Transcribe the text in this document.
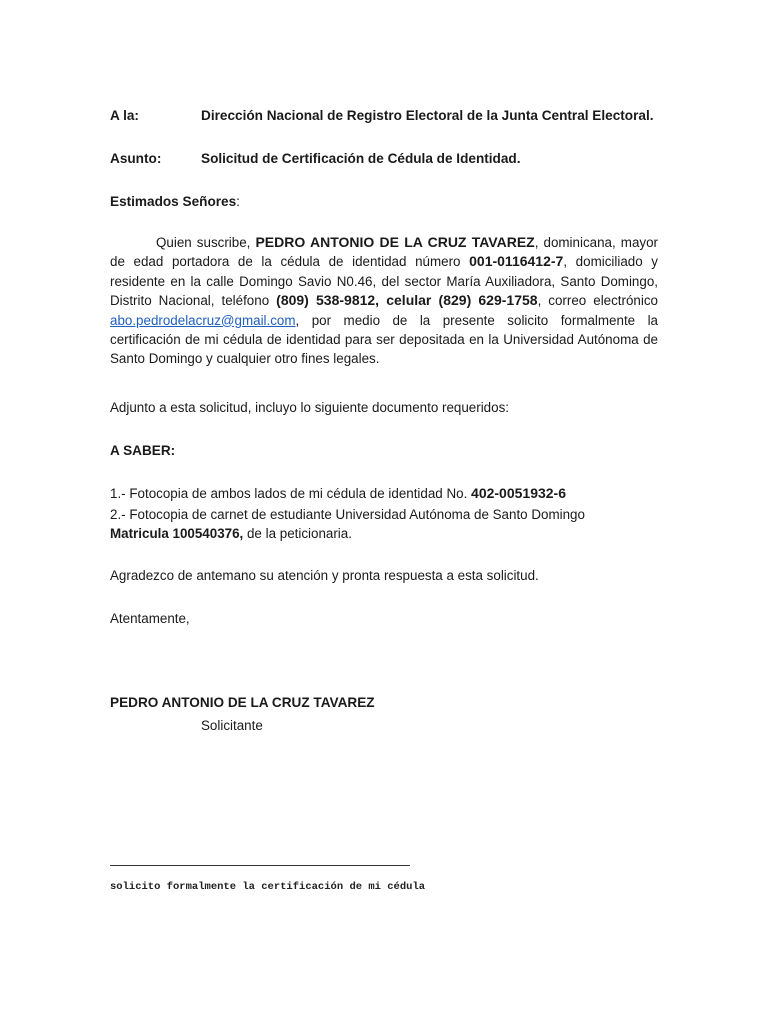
A la:	Dirección Nacional de Registro Electoral de la Junta Central Electoral.
Asunto:	Solicitud de Certificación de Cédula de Identidad.
Estimados Señores:
Quien suscribe, PEDRO ANTONIO DE LA CRUZ TAVAREZ, dominicana, mayor de edad portadora de la cédula de identidad número 001-0116412-7, domiciliado y residente en la calle Domingo Savio N0.46, del sector María Auxiliadora, Santo Domingo, Distrito Nacional, teléfono (809) 538-9812, celular (829) 629-1758, correo electrónico abo.pedrodelacruz@gmail.com, por medio de la presente solicito formalmente la certificación de mi cédula de identidad para ser depositada en la Universidad Autónoma de Santo Domingo y cualquier otro fines legales.
Adjunto a esta solicitud, incluyo lo siguiente documento requeridos:
A SABER:
1.- Fotocopia de ambos lados de mi cédula de identidad No. 402-0051932-6
2.- Fotocopia de carnet de estudiante Universidad Autónoma de Santo Domingo
Matricula 100540376, de la peticionaria.
Agradezco de antemano su atención y pronta respuesta a esta solicitud.
Atentamente,
PEDRO ANTONIO DE LA CRUZ TAVAREZ
Solicitante
solicito formalmente la certificación de mi cédula
